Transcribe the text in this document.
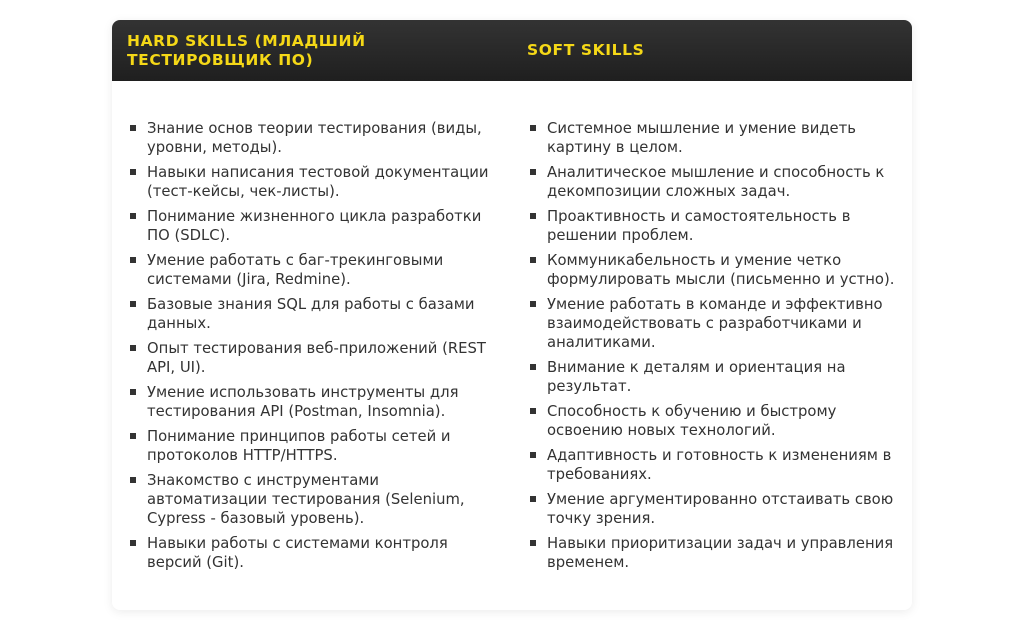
HARD SKILLS (МЛАДШИЙ ТЕСТИРОВЩИК ПО)
SOFT SKILLS
Знание основ теории тестирования (виды, уровни, методы).
Навыки написания тестовой документации (тест-кейсы, чек-листы).
Понимание жизненного цикла разработки ПО (SDLC).
Умение работать с баг-трекинговыми системами (Jira, Redmine).
Базовые знания SQL для работы с базами данных.
Опыт тестирования веб-приложений (REST API, UI).
Умение использовать инструменты для тестирования API (Postman, Insomnia).
Понимание принципов работы сетей и протоколов HTTP/HTTPS.
Знакомство с инструментами автоматизации тестирования (Selenium, Cypress - базовый уровень).
Навыки работы с системами контроля версий (Git).
Системное мышление и умение видеть картину в целом.
Аналитическое мышление и способность к декомпозиции сложных задач.
Проактивность и самостоятельность в решении проблем.
Коммуникабельность и умение четко формулировать мысли (письменно и устно).
Умение работать в команде и эффективно взаимодействовать с разработчиками и аналитиками.
Внимание к деталям и ориентация на результат.
Способность к обучению и быстрому освоению новых технологий.
Адаптивность и готовность к изменениям в требованиях.
Умение аргументированно отстаивать свою точку зрения.
Навыки приоритизации задач и управления временем.
